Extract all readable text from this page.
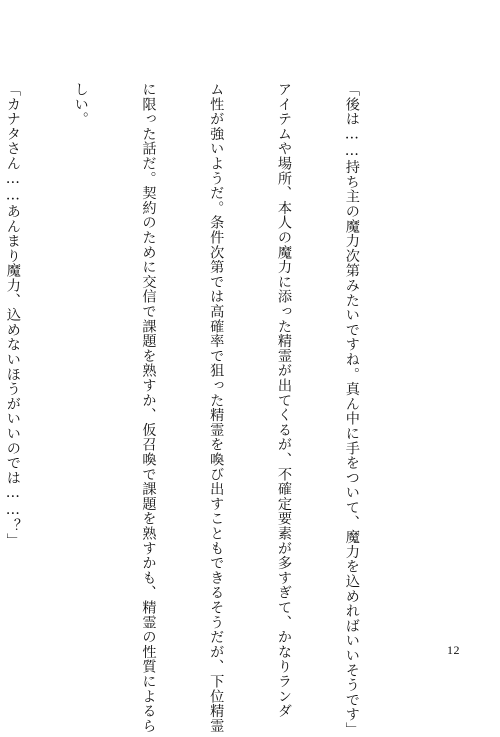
「後は……持ち主の魔力次第みたいですね。真ん中に手をついて、魔力を込めればいいそうです」

アイテムや場所、本人の魔力に添った精霊が出てくるが、不確定要素が多すぎて、かなりランダ

ム性が強いようだ。条件次第では高確率で狙った精霊を喚び出すこともできるそうだが、下位精霊

に限った話だ。契約のために交信で課題を熟すか、仮召喚で課題を熟すかも、精霊の性質によるら

しい。

「カナタさん……あんまり魔力、込めないほうがいいのでは……？」

12
